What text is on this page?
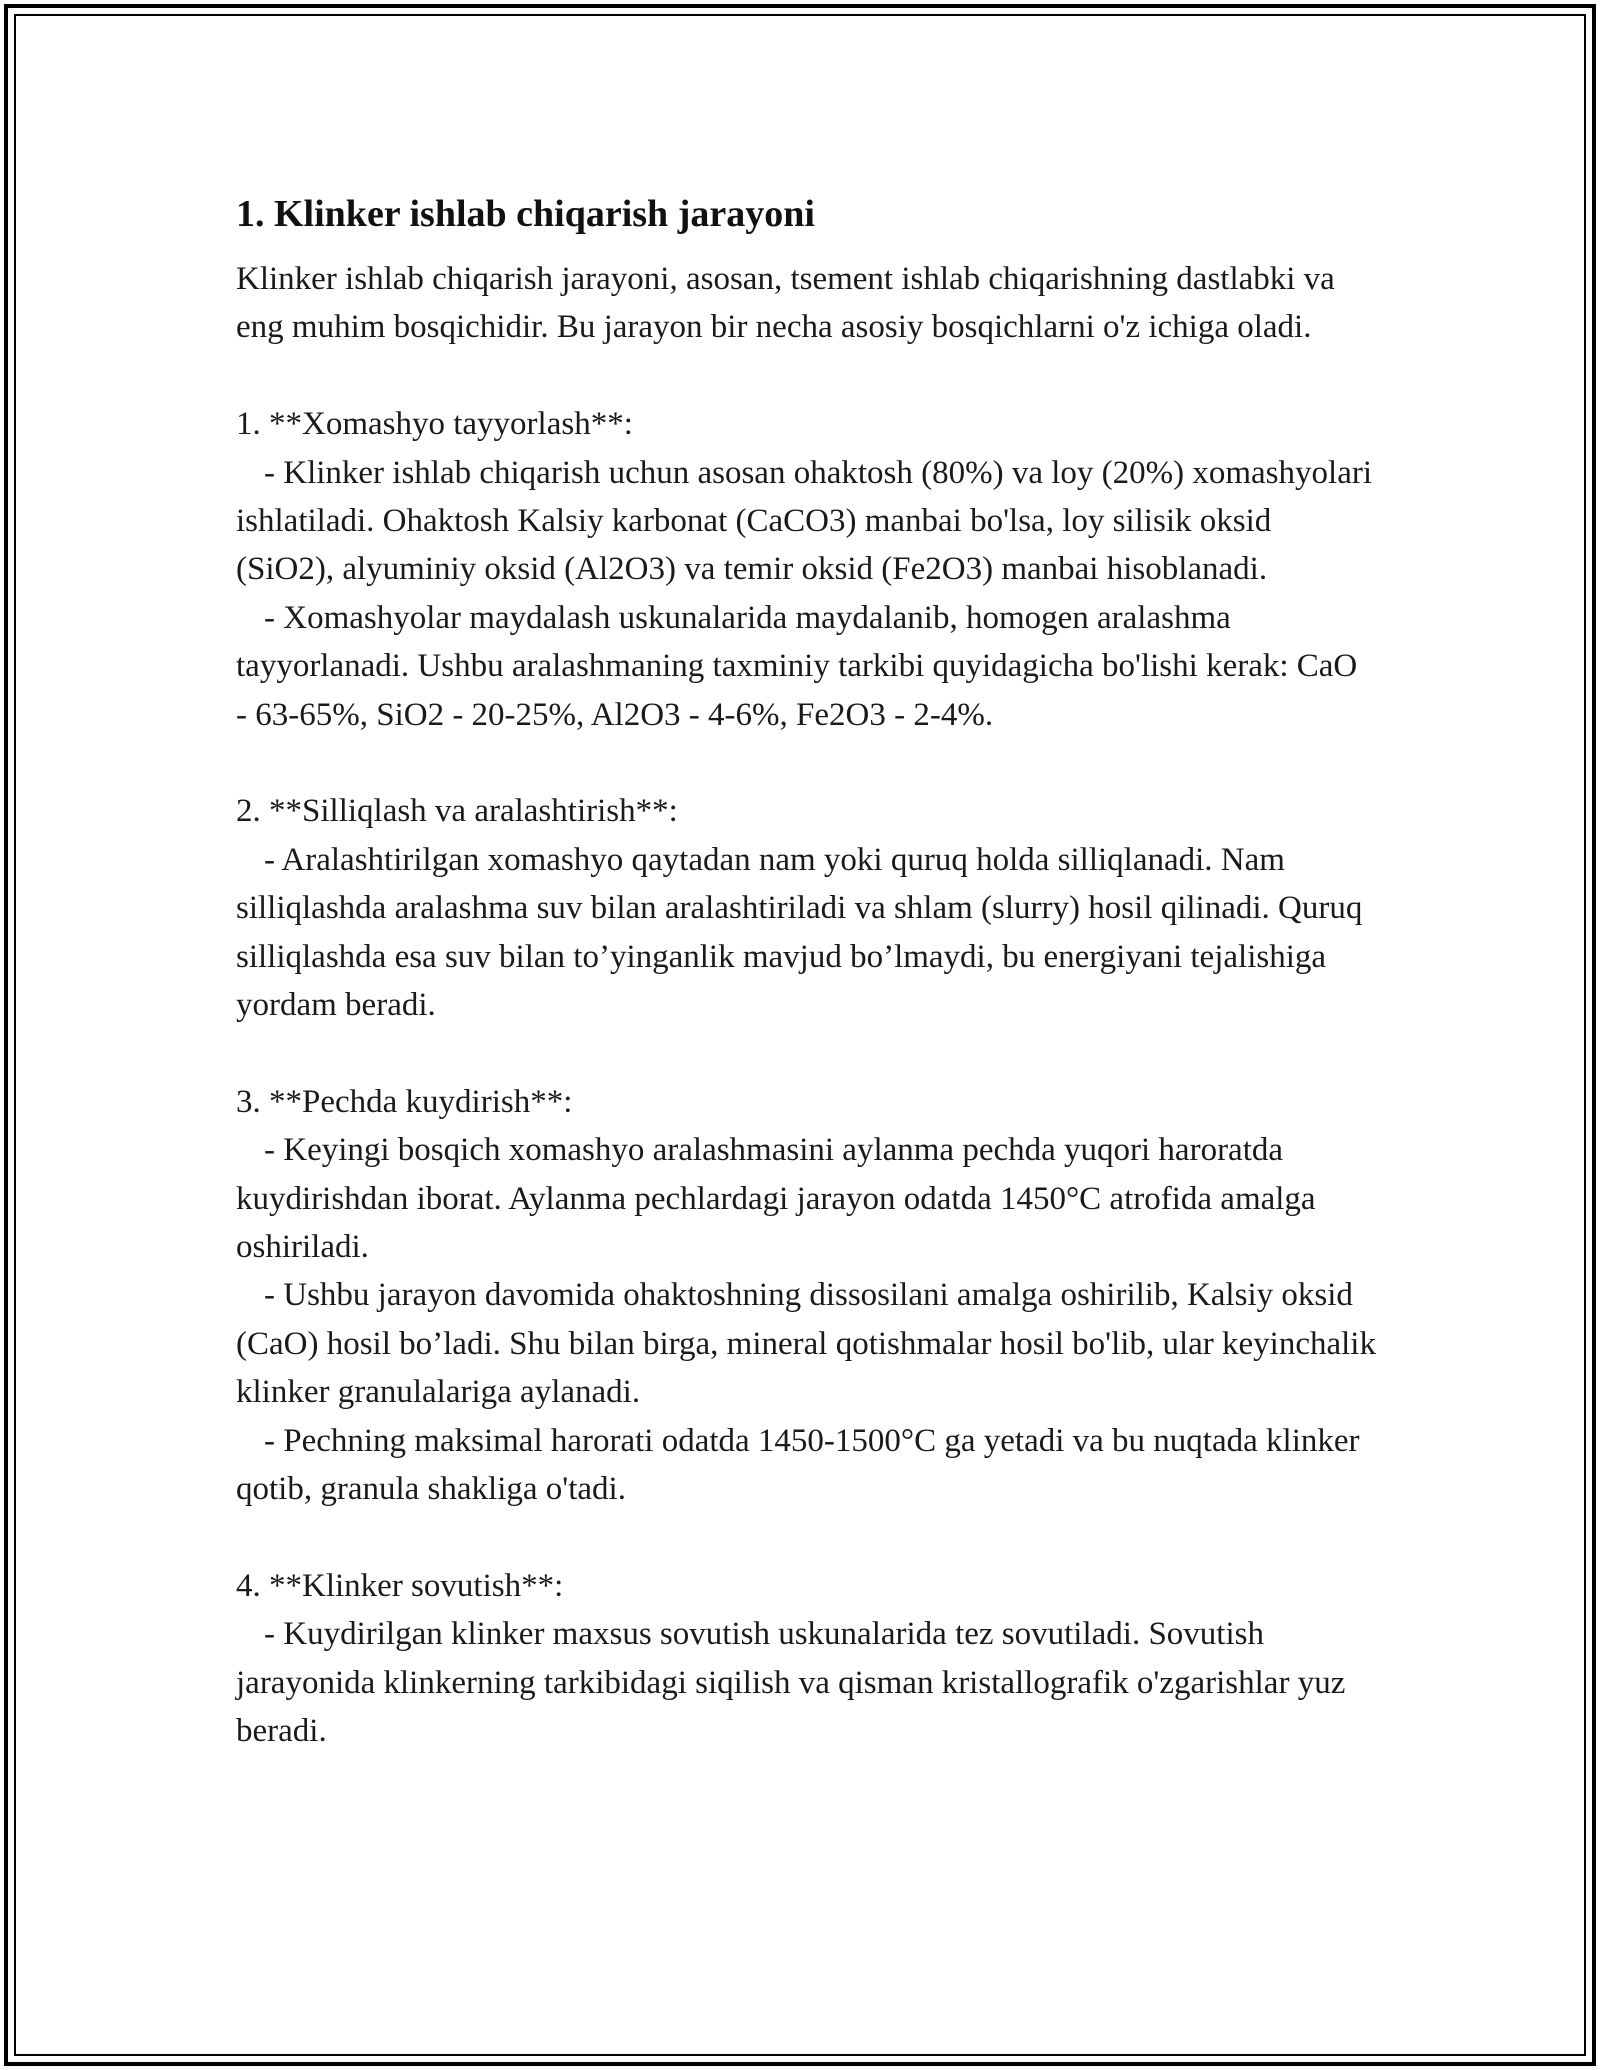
1. Klinker ishlab chiqarish jarayoni

Klinker ishlab chiqarish jarayoni, asosan, tsement ishlab chiqarishning dastlabki va eng muhim bosqichidir. Bu jarayon bir necha asosiy bosqichlarni o'z ichiga oladi.

1. **Xomashyo tayyorlash**:

- Klinker ishlab chiqarish uchun asosan ohaktosh (80%) va loy (20%) xomashyolari ishlatiladi. Ohaktosh Kalsiy karbonat (CaCO3) manbai bo'lsa, loy silisik oksid (SiO2), alyuminiy oksid (Al2O3) va temir oksid (Fe2O3) manbai hisoblanadi.

- Xomashyolar maydalash uskunalarida maydalanib, homogen aralashma tayyorlanadi. Ushbu aralashmaning taxminiy tarkibi quyidagicha bo'lishi kerak: CaO - 63-65%, SiO2 - 20-25%, Al2O3 - 4-6%, Fe2O3 - 2-4%.

2. **Silliqlash va aralashtirish**:

- Aralashtirilgan xomashyo qaytadan nam yoki quruq holda silliqlanadi. Nam silliqlashda aralashma suv bilan aralashtiriladi va shlam (slurry) hosil qilinadi. Quruq silliqlashda esa suv bilan to’yinganlik mavjud bo’lmaydi, bu energiyani tejalishiga yordam beradi.

3. **Pechda kuydirish**:

- Keyingi bosqich xomashyo aralashmasini aylanma pechda yuqori haroratda kuydirishdan iborat. Aylanma pechlardagi jarayon odatda 1450°C atrofida amalga oshiriladi.

- Ushbu jarayon davomida ohaktoshning dissosilani amalga oshirilib, Kalsiy oksid (CaO) hosil bo’ladi. Shu bilan birga, mineral qotishmalar hosil bo'lib, ular keyinchalik klinker granulalariga aylanadi.

- Pechning maksimal harorati odatda 1450-1500°C ga yetadi va bu nuqtada klinker qotib, granula shakliga o'tadi.

4. **Klinker sovutish**:

- Kuydirilgan klinker maxsus sovutish uskunalarida tez sovutiladi. Sovutish jarayonida klinkerning tarkibidagi siqilish va qisman kristallografik o'zgarishlar yuz beradi.
